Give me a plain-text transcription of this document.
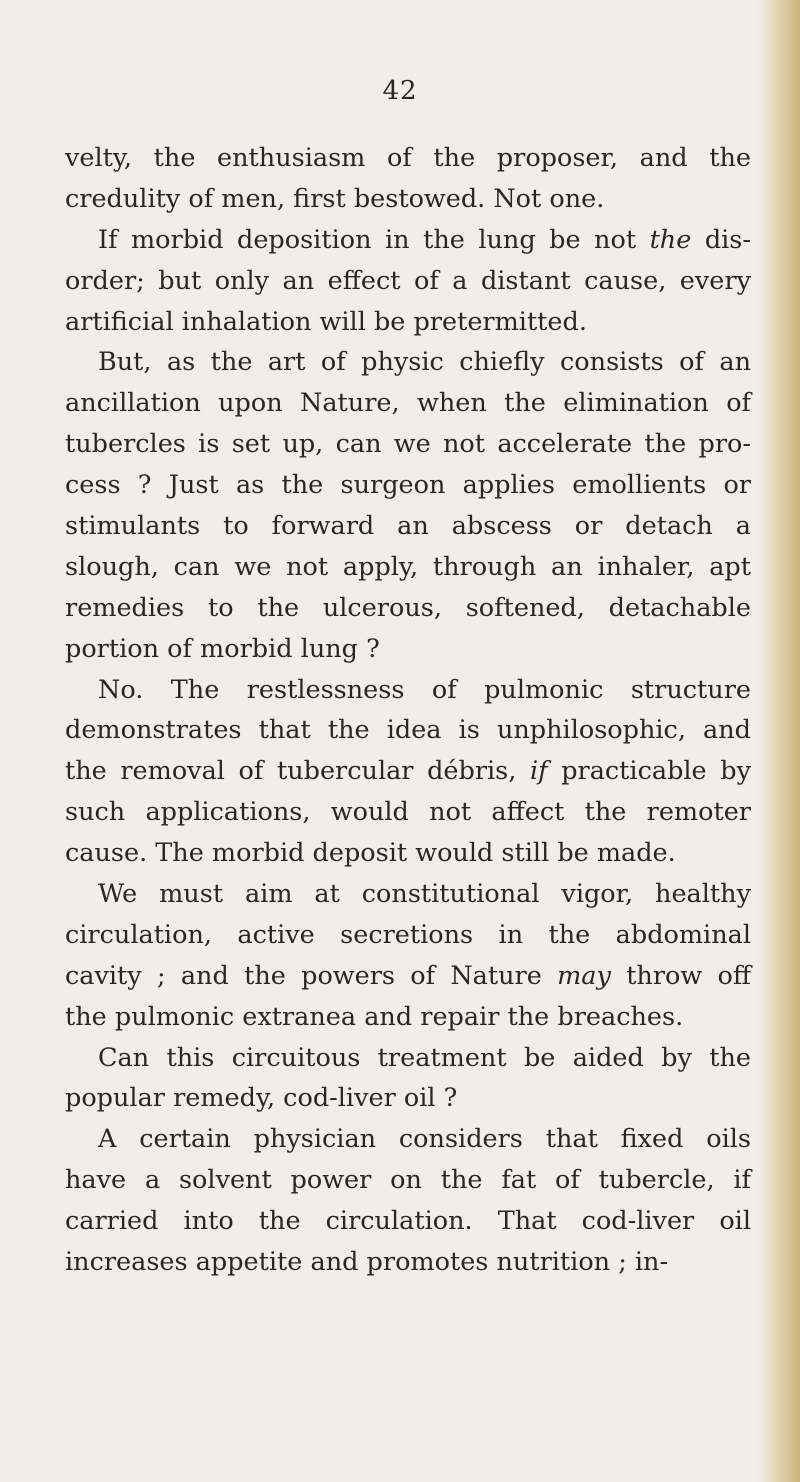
42
velty, the enthusiasm of the proposer, and the
credulity of men, first bestowed. Not one.
If morbid deposition in the lung be not the dis-
order; but only an effect of a distant cause, every
artificial inhalation will be pretermitted.
But, as the art of physic chiefly consists of an
ancillation upon Nature, when the elimination of
tubercles is set up, can we not accelerate the pro-
cess ? Just as the surgeon applies emollients or
stimulants to forward an abscess or detach a
slough, can we not apply, through an inhaler, apt
remedies to the ulcerous, softened, detachable
portion of morbid lung ?
No. The restlessness of pulmonic structure
demonstrates that the idea is unphilosophic, and
the removal of tubercular débris, if practicable by
such applications, would not affect the remoter
cause. The morbid deposit would still be made.
We must aim at constitutional vigor, healthy
circulation, active secretions in the abdominal
cavity ; and the powers of Nature may throw off
the pulmonic extranea and repair the breaches.
Can this circuitous treatment be aided by the
popular remedy, cod-liver oil ?
A certain physician considers that fixed oils
have a solvent power on the fat of tubercle, if
carried into the circulation. That cod-liver oil
increases appetite and promotes nutrition ; in-
